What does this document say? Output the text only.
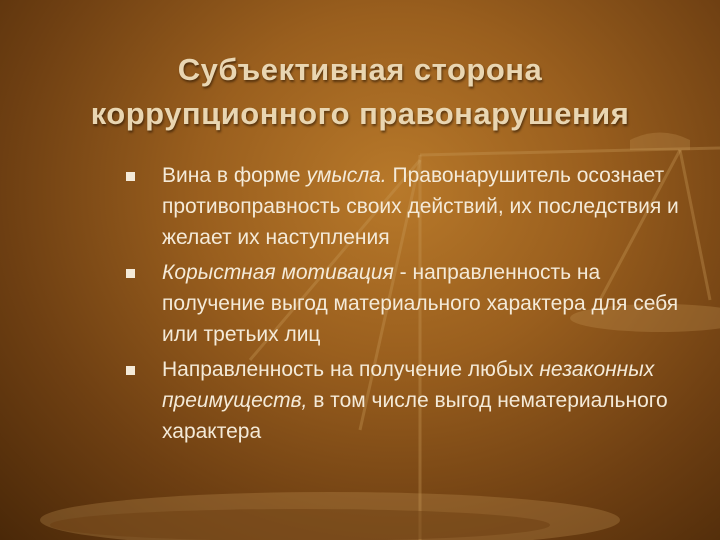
Субъективная сторона
коррупционного правонарушения

Вина в форме умысла. Правонарушитель осознает противоправность своих действий, их последствия и желает их наступления

Корыстная мотивация - направленность на получение выгод материального характера для себя или третьих лиц

Направленность на получение любых незаконных преимуществ, в том числе выгод нематериального характера
